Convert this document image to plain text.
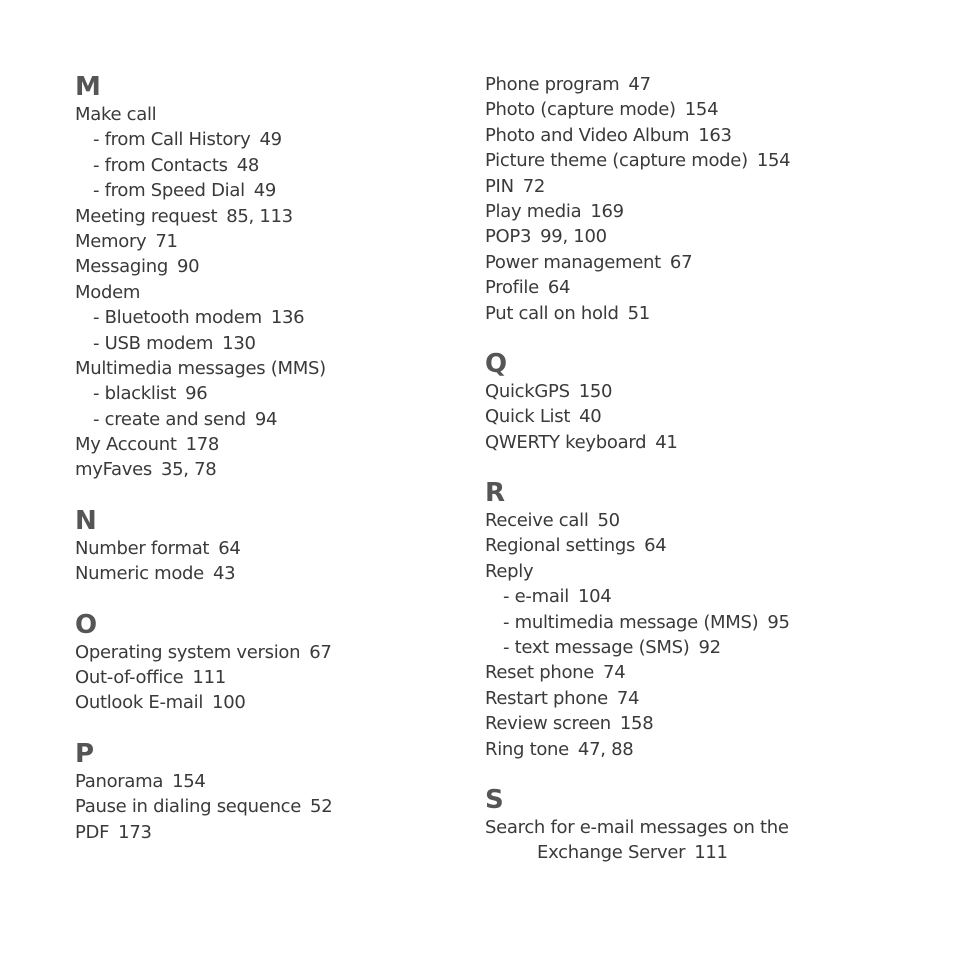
M
Make call
- from Call History 49
- from Contacts 48
- from Speed Dial 49
Meeting request 85, 113
Memory 71
Messaging 90
Modem
- Bluetooth modem 136
- USB modem 130
Multimedia messages (MMS)
- blacklist 96
- create and send 94
My Account 178
myFaves 35, 78
N
Number format 64
Numeric mode 43
O
Operating system version 67
Out-of-office 111
Outlook E-mail 100
P
Panorama 154
Pause in dialing sequence 52
PDF 173
Phone program 47
Photo (capture mode) 154
Photo and Video Album 163
Picture theme (capture mode) 154
PIN 72
Play media 169
POP3 99, 100
Power management 67
Profile 64
Put call on hold 51
Q
QuickGPS 150
Quick List 40
QWERTY keyboard 41
R
Receive call 50
Regional settings 64
Reply
- e-mail 104
- multimedia message (MMS) 95
- text message (SMS) 92
Reset phone 74
Restart phone 74
Review screen 158
Ring tone 47, 88
S
Search for e-mail messages on the
Exchange Server 111
